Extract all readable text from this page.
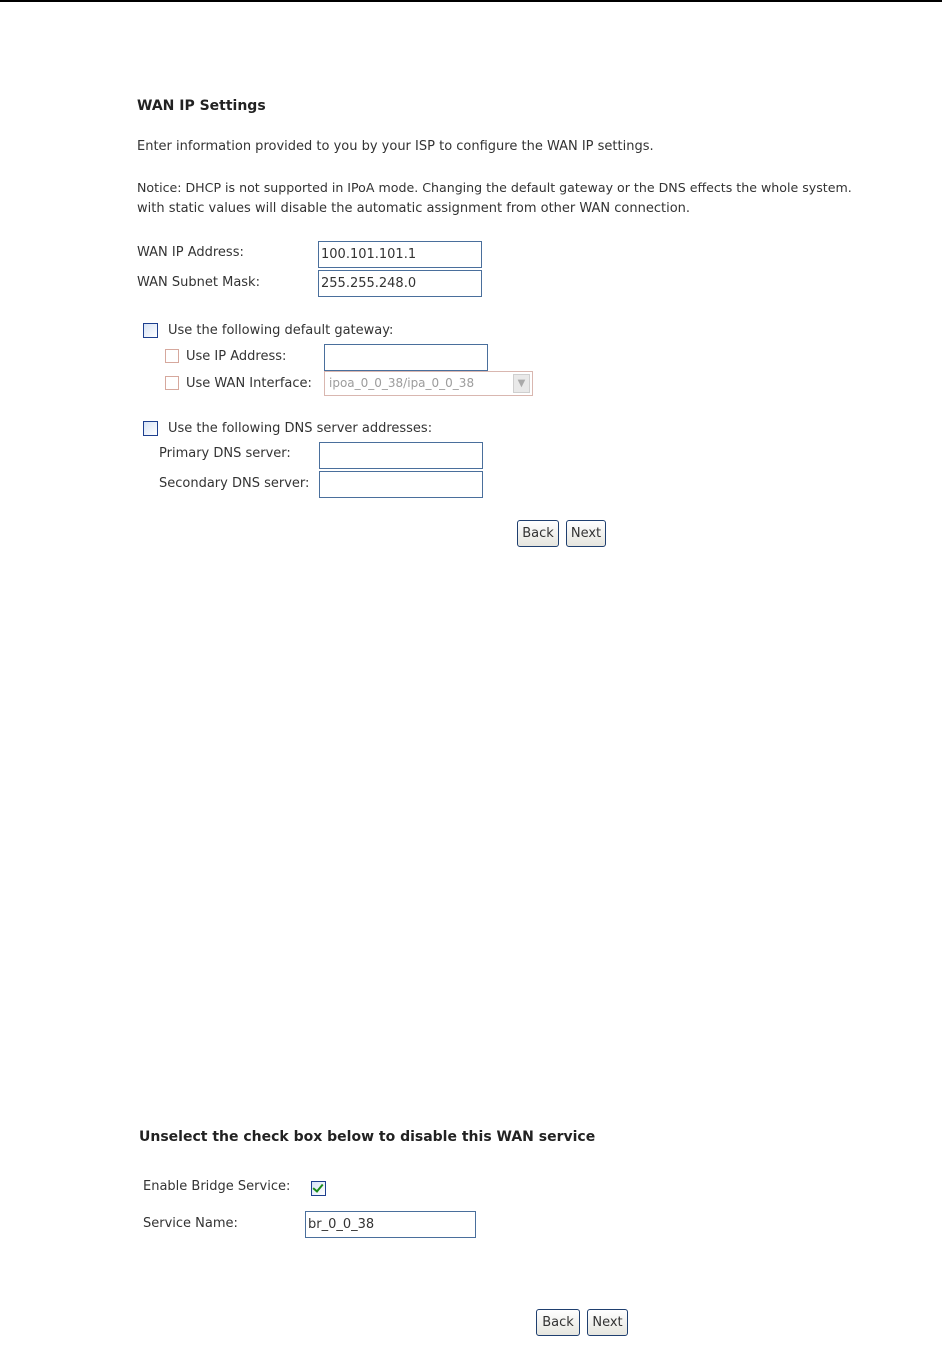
WAN IP Settings
Enter information provided to you by your ISP to configure the WAN IP settings.
Notice: DHCP is not supported in IPoA mode. Changing the default gateway or the DNS effects the whole system.
with static values will disable the automatic assignment from other WAN connection.
WAN IP Address:	100.101.101.1
WAN Subnet Mask:	255.255.248.0
Use the following default gateway:
Use IP Address:
Use WAN Interface:	ipoa_0_0_38/ipa_0_0_38	▼
Use the following DNS server addresses:
Primary DNS server:
Secondary DNS server:
Back	Next
Unselect the check box below to disable this WAN service
Enable Bridge Service:
Service Name:	br_0_0_38
Back	Next
